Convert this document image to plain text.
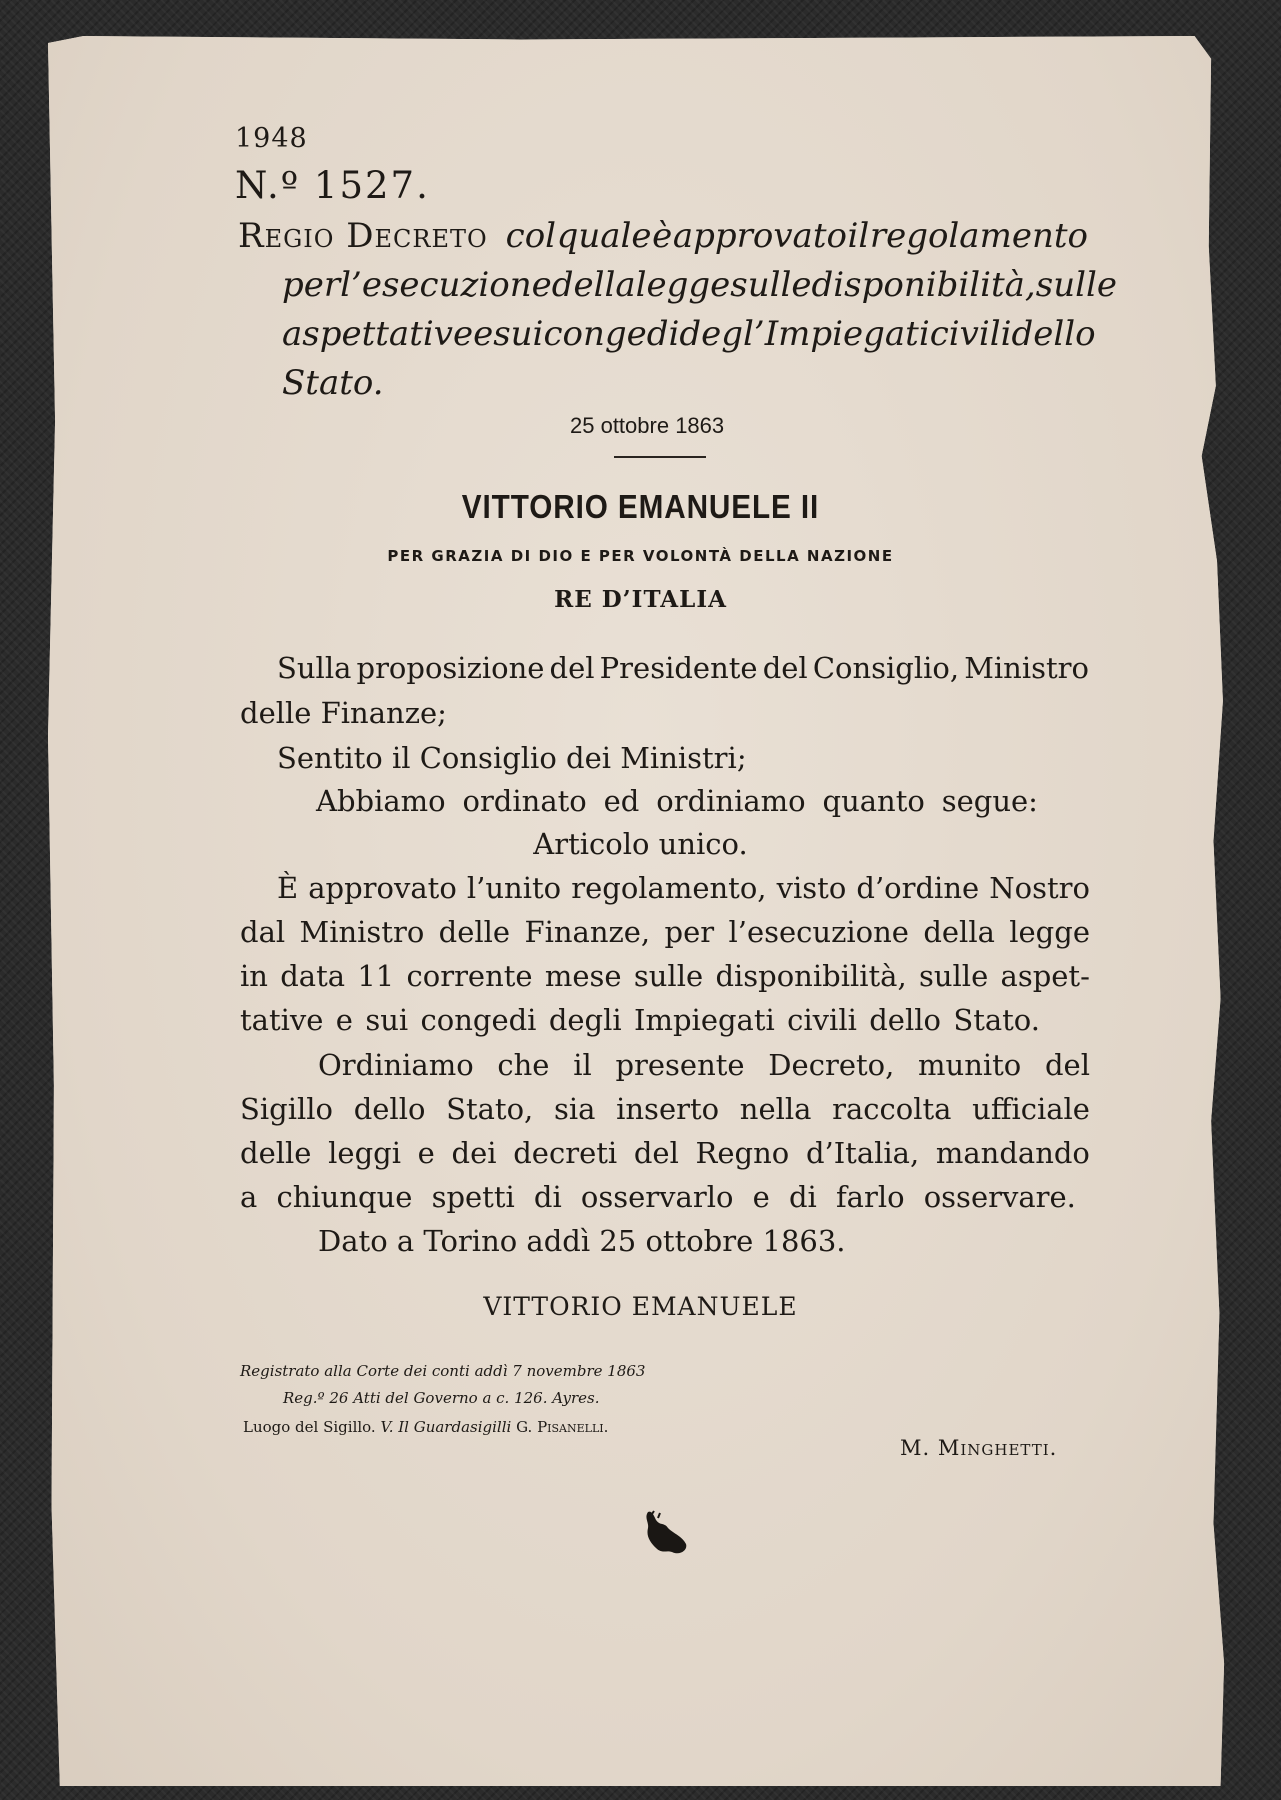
1948
N.º 1527.
Regio Decreto col quale è approvato il regolamento
per l’esecuzione della legge sulle disponibilità, sulle
aspettative e sui congedi degl’Impiegati civili dello
Stato.
25 ottobre 1863
VITTORIO EMANUELE II
PER GRAZIA DI DIO E PER VOLONTÀ DELLA NAZIONE
RE D’ITALIA
Sulla proposizione del Presidente del Consiglio, Ministro
delle Finanze;
Sentito il Consiglio dei Ministri;
Abbiamo ordinato ed ordiniamo quanto segue:
Articolo unico.
È approvato l’unito regolamento, visto d’ordine Nostro
dal Ministro delle Finanze, per l’esecuzione della legge
in data 11 corrente mese sulle disponibilità, sulle aspet-
tative e sui congedi degli Impiegati civili dello Stato.
Ordiniamo che il presente Decreto, munito del
Sigillo dello Stato, sia inserto nella raccolta ufficiale
delle leggi e dei decreti del Regno d’Italia, mandando
a chiunque spetti di osservarlo e di farlo osservare.
Dato a Torino addì 25 ottobre 1863.
VITTORIO EMANUELE
Registrato alla Corte dei conti addì 7 novembre 1863
Reg.º 26 Atti del Governo a c. 126. Ayres.
Luogo del Sigillo. V. Il Guardasigilli G. Pisanelli.
M. Minghetti.
